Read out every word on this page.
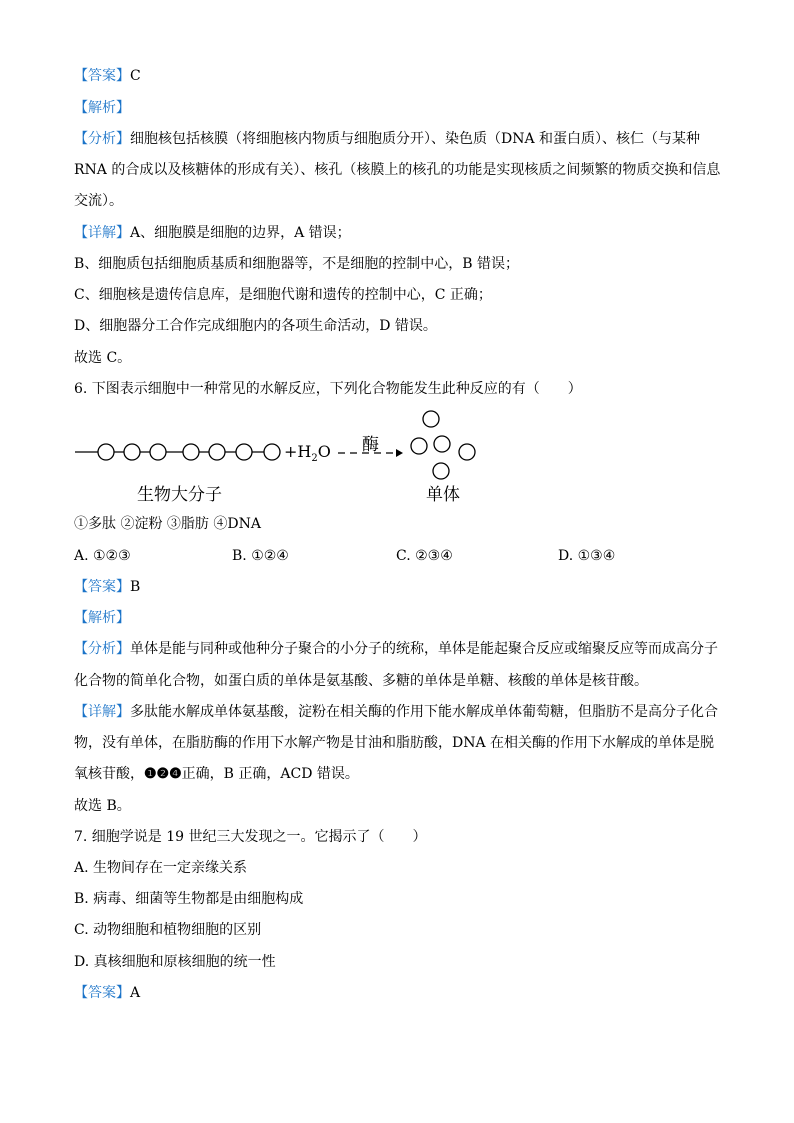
【答案】C
【解析】
【分析】细胞核包括核膜（将细胞核内物质与细胞质分开）、染色质（DNA 和蛋白质）、核仁（与某种
RNA 的合成以及核糖体的形成有关）、核孔（核膜上的核孔的功能是实现核质之间频繁的物质交换和信息
交流）。
【详解】A、细胞膜是细胞的边界，A 错误；
B、细胞质包括细胞质基质和细胞器等，不是细胞的控制中心，B 错误；
C、细胞核是遗传信息库，是细胞代谢和遗传的控制中心，C 正确；
D、细胞器分工合作完成细胞内的各项生命活动，D 错误。
故选 C。
6. 下图表示细胞中一种常见的水解反应，下列化合物能发生此种反应的有（　　）
$+H_2O$ 酶
生物大分子	单体
①多肽 ②淀粉 ③脂肪 ④DNA
A. ①②③	B. ①②④	C. ②③④	D. ①③④
【答案】B
【解析】
【分析】单体是能与同种或他种分子聚合的小分子的统称，单体是能起聚合反应或缩聚反应等而成高分子
化合物的简单化合物，如蛋白质的单体是氨基酸、多糖的单体是单糖、核酸的单体是核苷酸。
【详解】多肽能水解成单体氨基酸，淀粉在相关酶的作用下能水解成单体葡萄糖，但脂肪不是高分子化合
物，没有单体，在脂肪酶的作用下水解产物是甘油和脂肪酸，DNA 在相关酶的作用下水解成的单体是脱
氧核苷酸，❶❷❹正确，B 正确，ACD 错误。
故选 B。
7. 细胞学说是 19 世纪三大发现之一。它揭示了（　　）
A. 生物间存在一定亲缘关系
B. 病毒、细菌等生物都是由细胞构成
C. 动物细胞和植物细胞的区别
D. 真核细胞和原核细胞的统一性
【答案】A
